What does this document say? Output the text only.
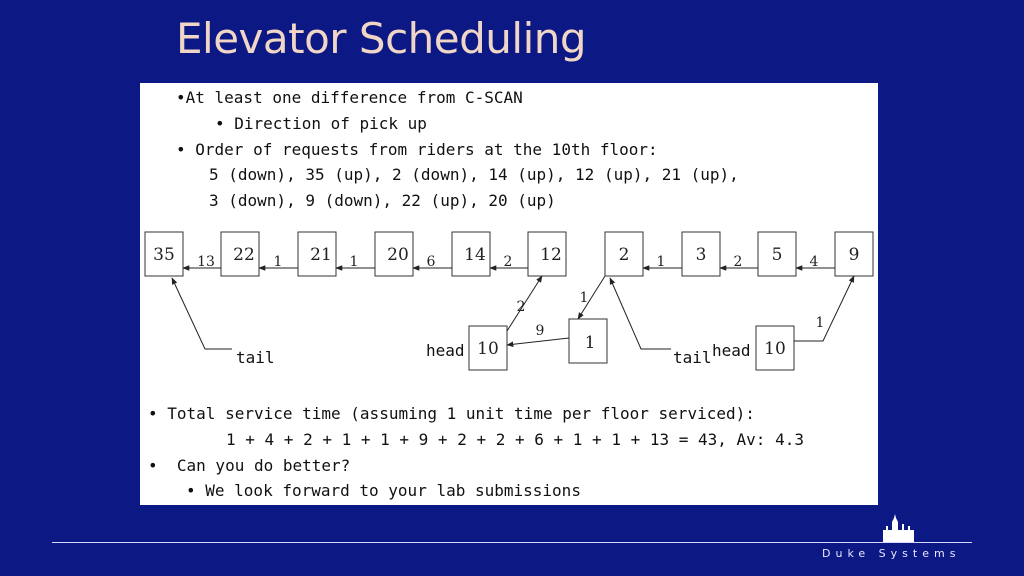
Elevator Scheduling
•At least one difference from C-SCAN
• Direction of pick up
• Order of requests from riders at the 10th floor:
5 (down), 35 (up), 2 (down), 14 (up), 12 (up), 21 (up),
3 (down), 9 (down), 22 (up), 20 (up)
35	22	21	20	14	12
13	1	1	6	2	2	3	5	9
1	2	4
10	1
2
9
1
10
1
tail	head	tail head
• Total service time (assuming 1 unit time per floor serviced):
1 + 4 + 2 + 1 + 1 + 9 + 2 + 2 + 6 + 1 + 1 + 13 = 43, Av: 4.3
•  Can you do better?
• We look forward to your lab submissions
Duke Systems
